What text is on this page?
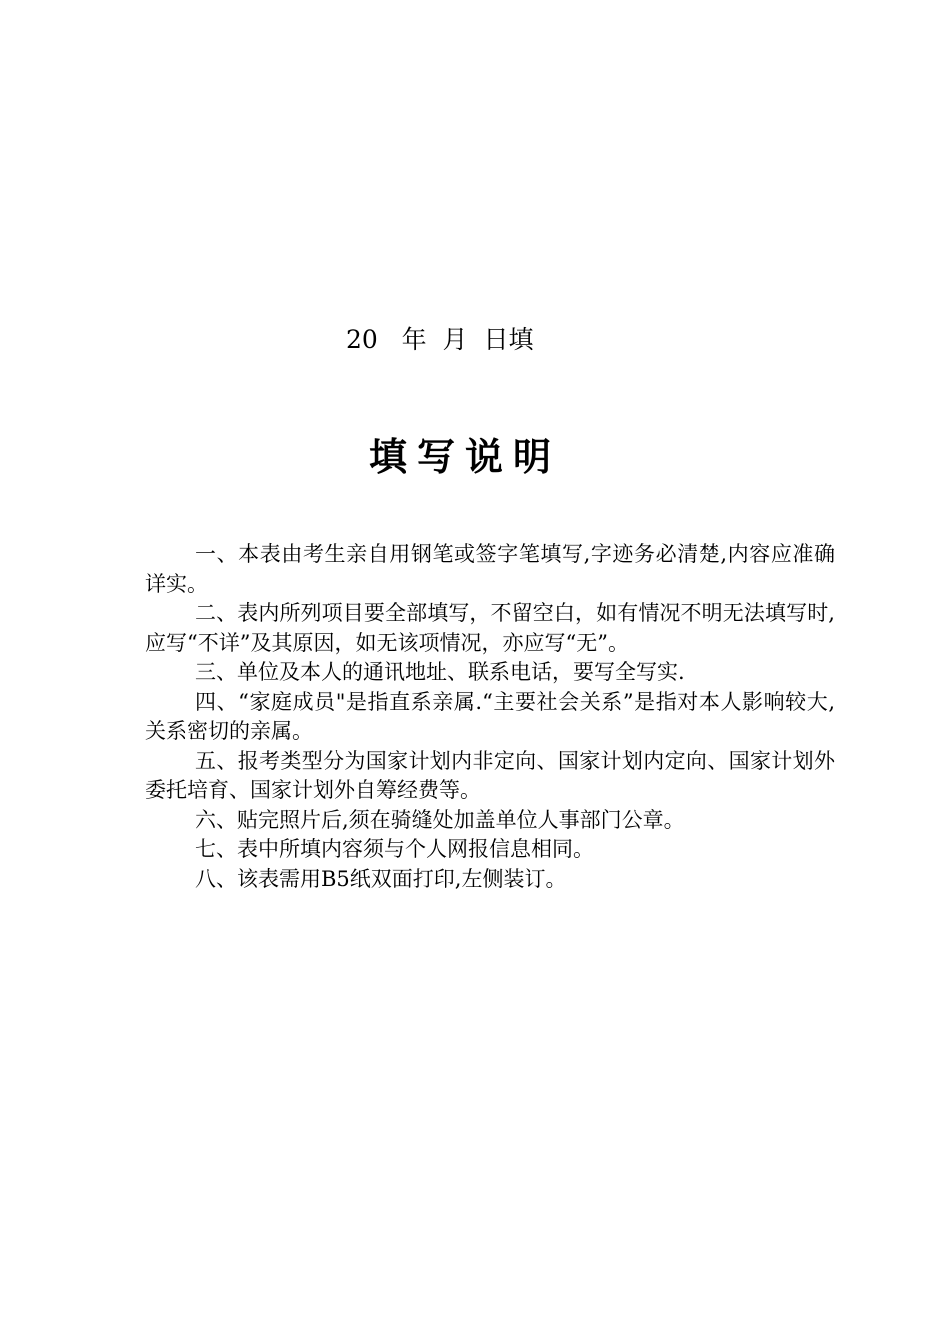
20   年  月  日填
填写说明

一、本表由考生亲自用钢笔或签字笔填写,字迹务必清楚,内容应准确详实。

二、表内所列项目要全部填写，不留空白，如有情况不明无法填写时,应写“不详”及其原因，如无该项情况，亦应写“无”。

三、单位及本人的通讯地址、联系电话，要写全写实.

四、“家庭成员"是指直系亲属.“主要社会关系”是指对本人影响较大,关系密切的亲属。

五、报考类型分为国家计划内非定向、国家计划内定向、国家计划外委托培育、国家计划外自筹经费等。

六、贴完照片后,须在骑缝处加盖单位人事部门公章。

七、表中所填内容须与个人网报信息相同。

八、该表需用B5纸双面打印,左侧装订。
